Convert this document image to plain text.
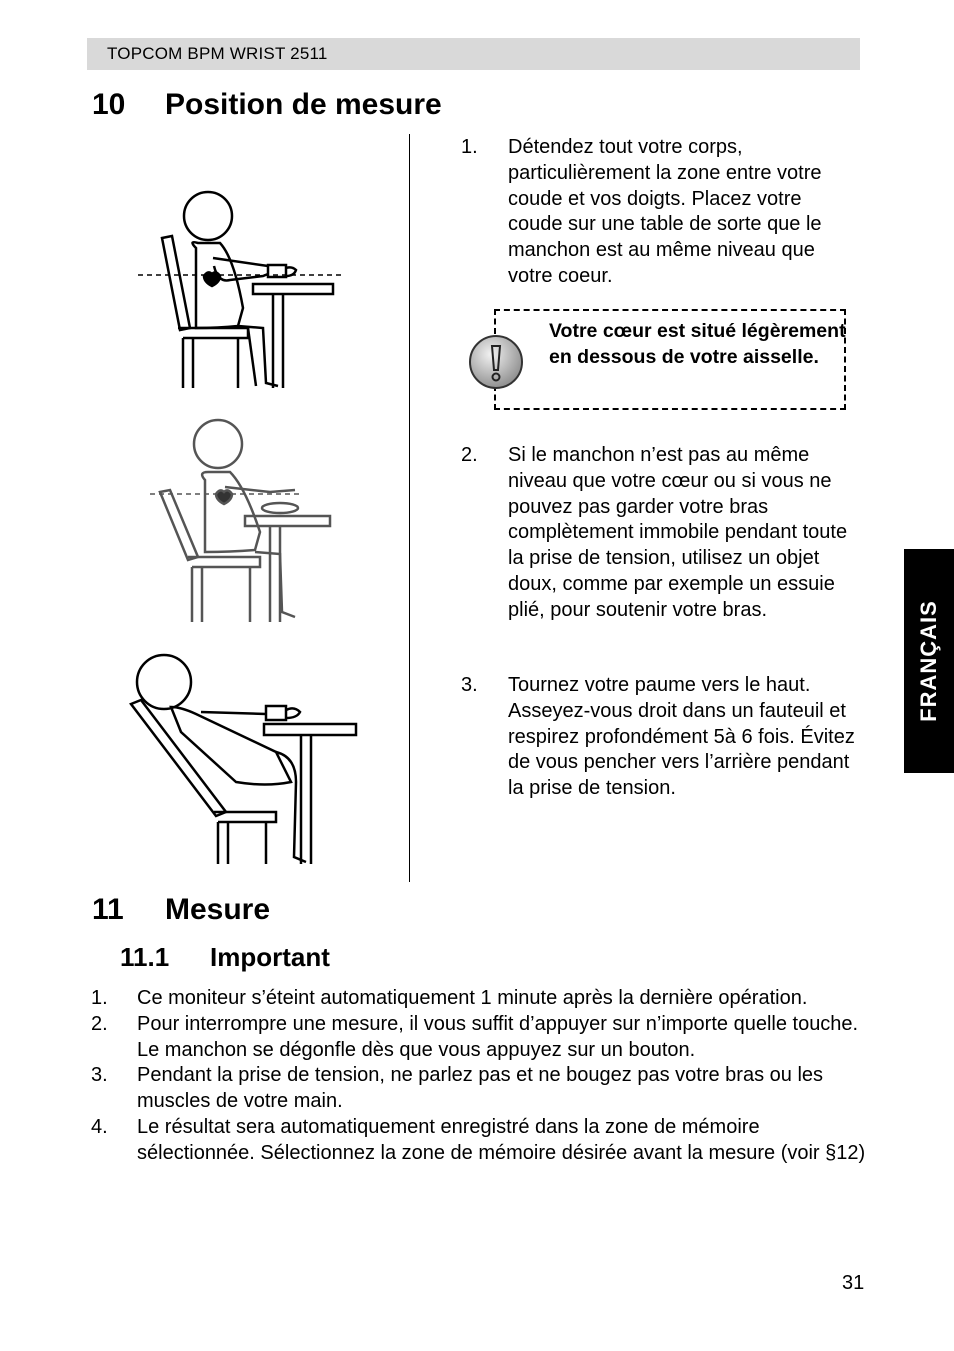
TOPCOM BPM WRIST 2511
10 Position de mesure
1. Détendez tout votre corps, particulièrement la zone entre votre coude et vos doigts. Placez votre coude sur une table de sorte que le manchon est au même niveau que votre coeur.
Votre cœur est situé légèrement en dessous de votre aisselle.
2. Si le manchon n’est pas au même niveau que votre cœur ou si vous ne pouvez pas garder votre bras complètement immobile pendant toute la prise de tension, utilisez un objet doux, comme par exemple un essuie plié, pour soutenir votre bras.
3. Tournez votre paume vers le haut. Asseyez-vous droit dans un fauteuil et respirez profondément 5à 6 fois. Évitez de vous pencher vers l’arrière pendant la prise de tension.
FRANÇAIS
11 Mesure
11.1 Important
1. Ce moniteur s’éteint automatiquement 1 minute après la dernière opération.
2. Pour interrompre une mesure, il vous suffit d’appuyer sur n’importe quelle touche. Le manchon se dégonfle dès que vous appuyez sur un bouton.
3. Pendant la prise de tension, ne parlez pas et ne bougez pas votre bras ou les muscles de votre main.
4. Le résultat sera automatiquement enregistré dans la zone de mémoire sélectionnée. Sélectionnez la zone de mémoire désirée avant la mesure (voir §12)
31
